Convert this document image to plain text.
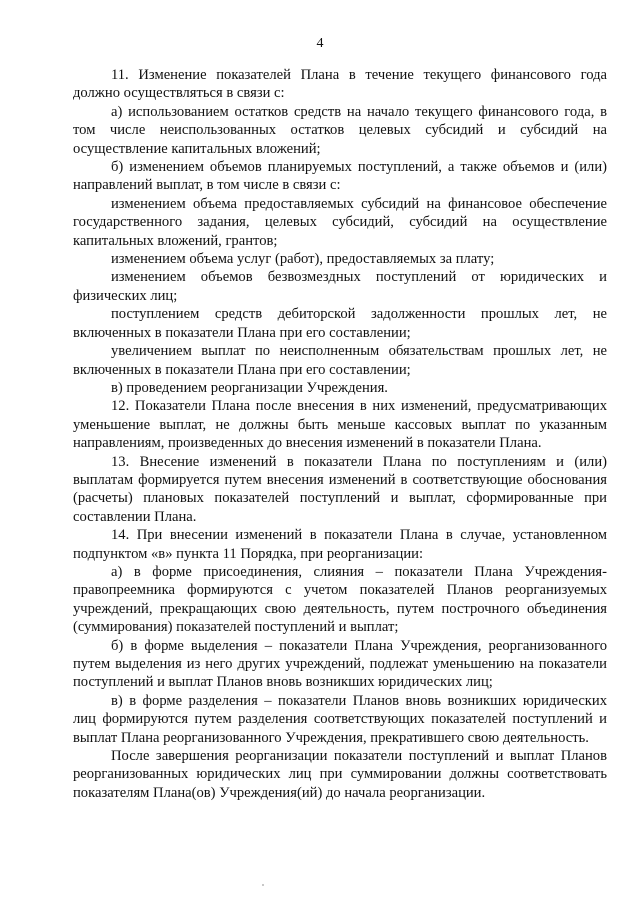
4

11. Изменение показателей Плана в течение текущего финансового года должно осуществляться в связи с:

а) использованием остатков средств на начало текущего финансового года, в том числе неиспользованных остатков целевых субсидий и субсидий на осуществление капитальных вложений;

б) изменением объемов планируемых поступлений, а также объемов и (или) направлений выплат, в том числе в связи с:

изменением объема предоставляемых субсидий на финансовое обеспечение государственного задания, целевых субсидий, субсидий на осуществление капитальных вложений, грантов;

изменением объема услуг (работ), предоставляемых за плату;

изменением объемов безвозмездных поступлений от юридических и физических лиц;

поступлением средств дебиторской задолженности прошлых лет, не включенных в показатели Плана при его составлении;

увеличением выплат по неисполненным обязательствам прошлых лет, не включенных в показатели Плана при его составлении;

в) проведением реорганизации Учреждения.

12. Показатели Плана после внесения в них изменений, предусматривающих уменьшение выплат, не должны быть меньше кассовых выплат по указанным направлениям, произведенных до внесения изменений в показатели Плана.

13. Внесение изменений в показатели Плана по поступлениям и (или) выплатам формируется путем внесения изменений в соответствующие обоснования (расчеты) плановых показателей поступлений и выплат, сформированные при составлении Плана.

14. При внесении изменений в показатели Плана в случае, установленном подпунктом «в» пункта 11 Порядка, при реорганизации:

а) в форме присоединения, слияния – показатели Плана Учреждения-правопреемника формируются с учетом показателей Планов реорганизуемых учреждений, прекращающих свою деятельность, путем построчного объединения (суммирования) показателей поступлений и выплат;

б) в форме выделения – показатели Плана Учреждения, реорганизованного путем выделения из него других учреждений, подлежат уменьшению на показатели поступлений и выплат Планов вновь возникших юридических лиц;

в) в форме разделения – показатели Планов вновь возникших юридических лиц формируются путем разделения соответствующих показателей поступлений и выплат Плана реорганизованного Учреждения, прекратившего свою деятельность.

После завершения реорганизации показатели поступлений и выплат Планов реорганизованных юридических лиц при суммировании должны соответствовать показателям Плана(ов) Учреждения(ий) до начала реорганизации.
